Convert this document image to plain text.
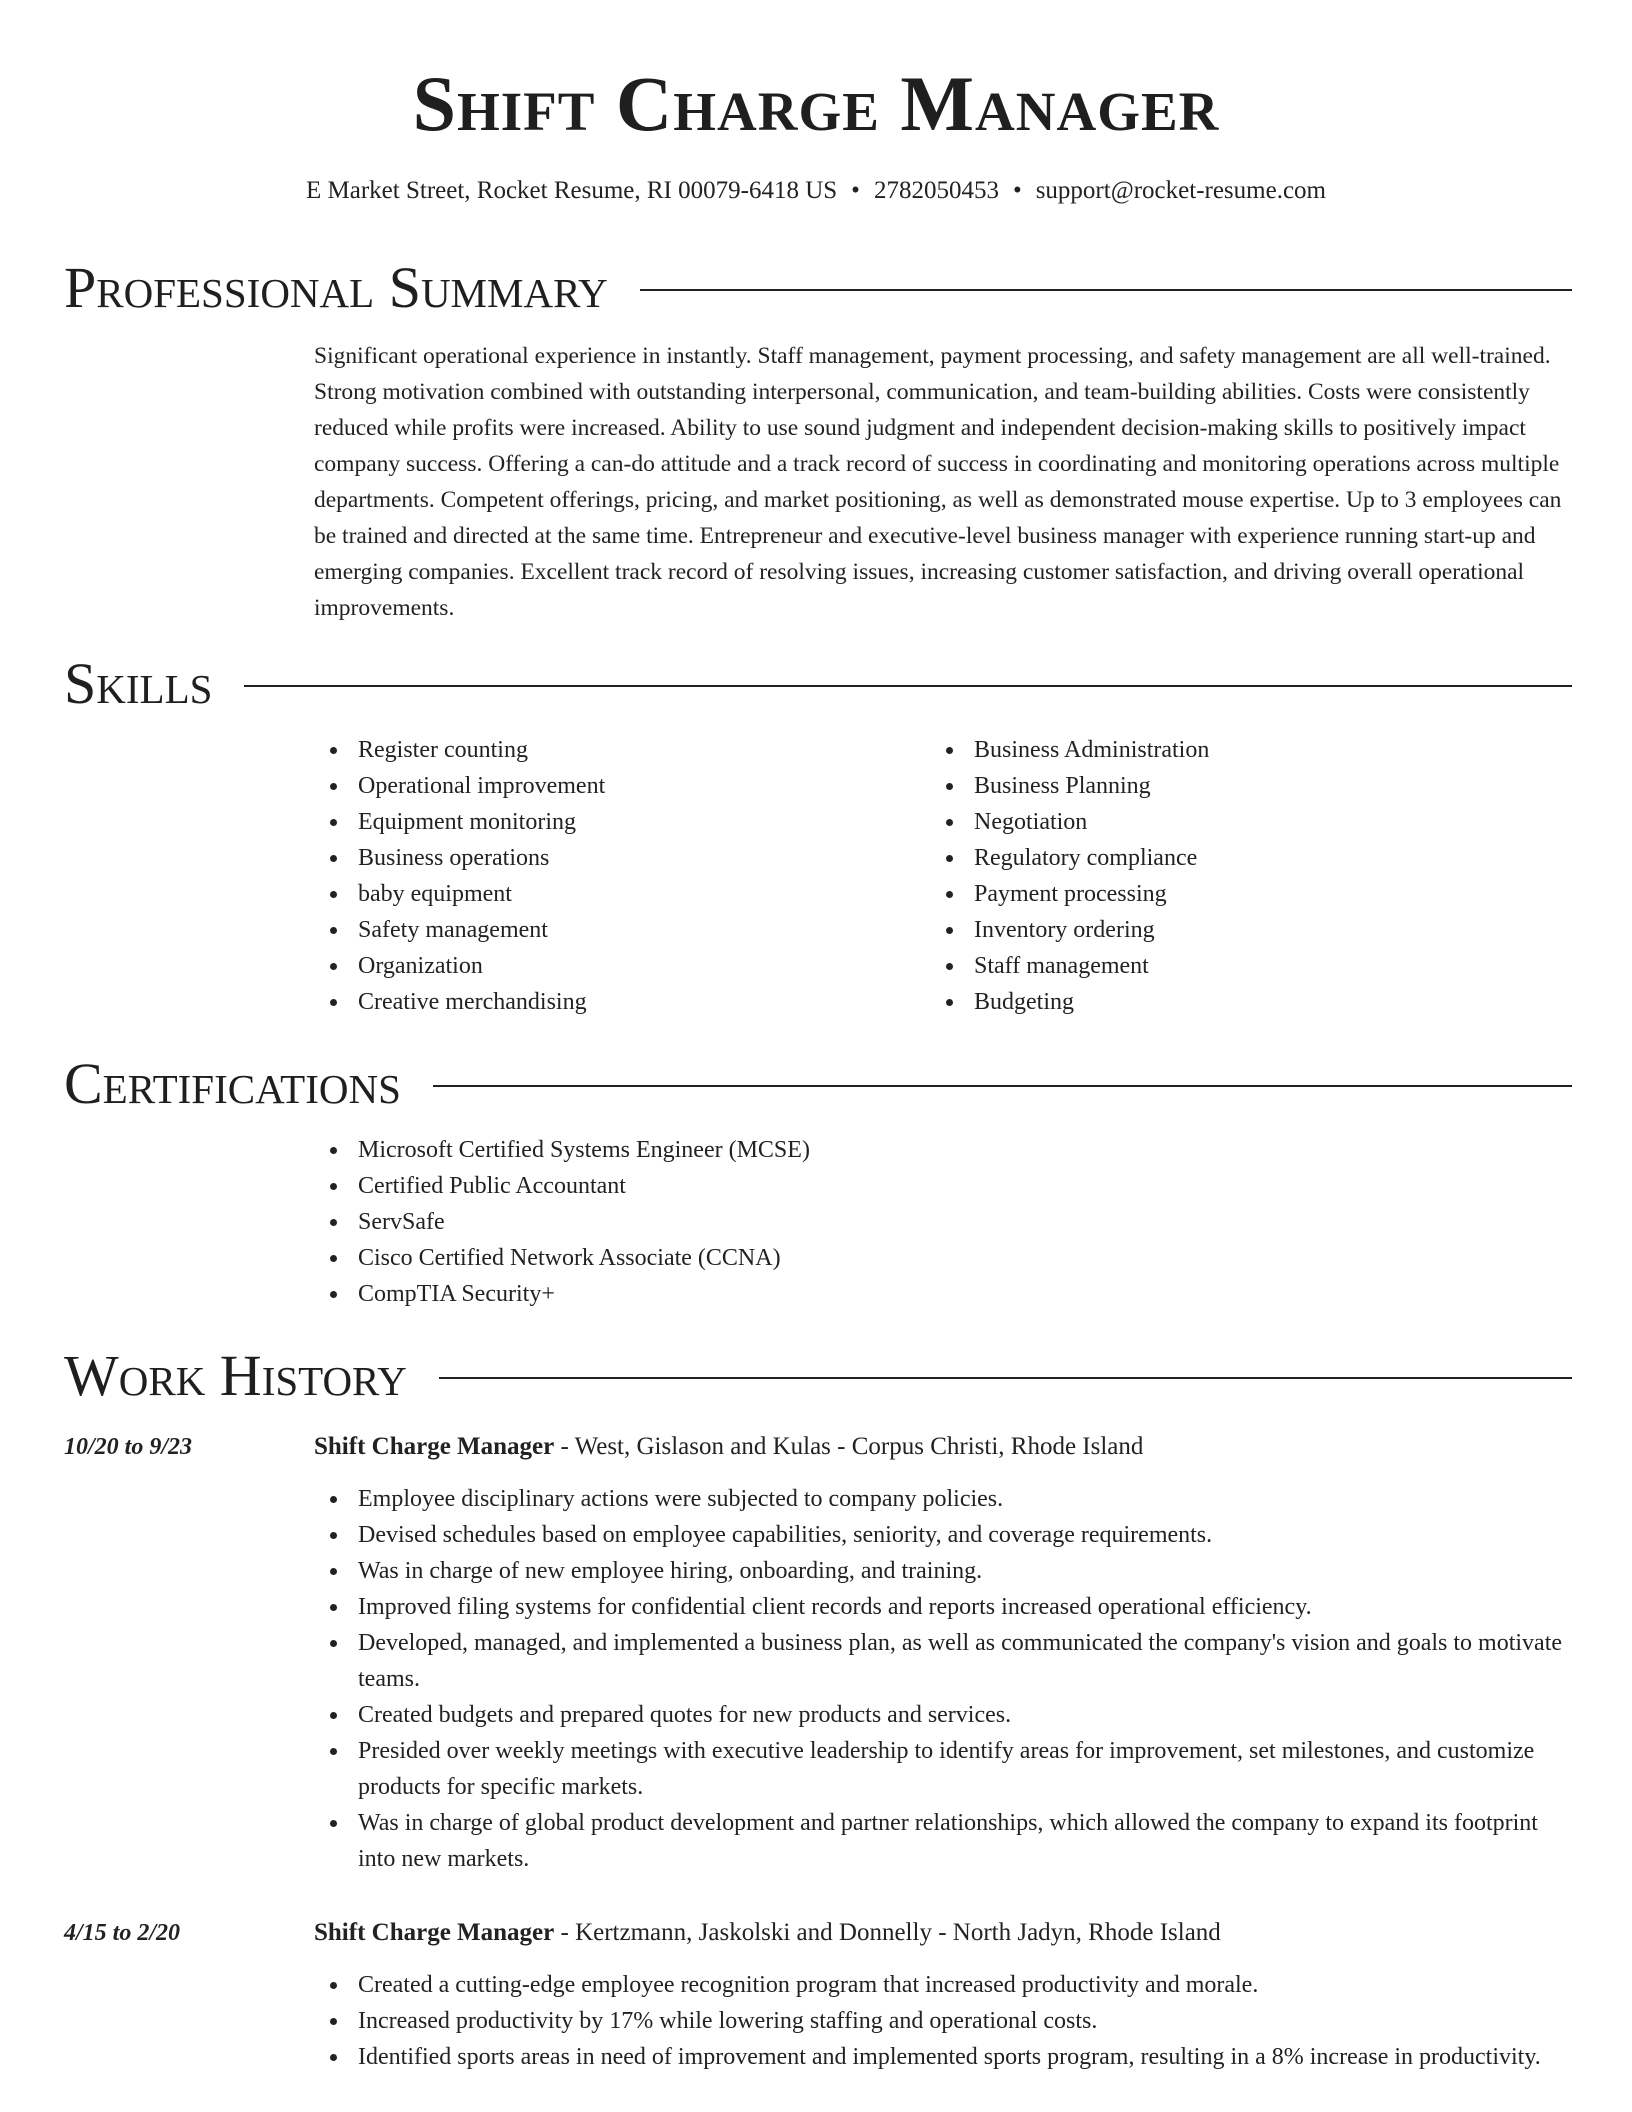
Shift Charge Manager
E Market Street, Rocket Resume, RI 00079-6418 US • 2782050453 • support@rocket-resume.com
Professional Summary

Significant operational experience in instantly. Staff management, payment processing, and safety management are all well-trained. Strong motivation combined with outstanding interpersonal, communication, and team-building abilities. Costs were consistently reduced while profits were increased. Ability to use sound judgment and independent decision-making skills to positively impact company success. Offering a can-do attitude and a track record of success in coordinating and monitoring operations across multiple departments. Competent offerings, pricing, and market positioning, as well as demonstrated mouse expertise. Up to 3 employees can be trained and directed at the same time. Entrepreneur and executive-level business manager with experience running start-up and emerging companies. Excellent track record of resolving issues, increasing customer satisfaction, and driving overall operational improvements.

Skills
Register counting
Operational improvement
Equipment monitoring
Business operations
baby equipment
Safety management
Organization
Creative merchandising
Business Administration
Business Planning
Negotiation
Regulatory compliance
Payment processing
Inventory ordering
Staff management
Budgeting
Certifications
Microsoft Certified Systems Engineer (MCSE)
Certified Public Accountant
ServSafe
Cisco Certified Network Associate (CCNA)
CompTIA Security+
Work History
10/20 to 9/23	Shift Charge Manager - West, Gislason and Kulas - Corpus Christi, Rhode Island
Employee disciplinary actions were subjected to company policies.
Devised schedules based on employee capabilities, seniority, and coverage requirements.
Was in charge of new employee hiring, onboarding, and training.
Improved filing systems for confidential client records and reports increased operational efficiency.
Developed, managed, and implemented a business plan, as well as communicated the company's vision and goals to motivate teams.
Created budgets and prepared quotes for new products and services.
Presided over weekly meetings with executive leadership to identify areas for improvement, set milestones, and customize products for specific markets.
Was in charge of global product development and partner relationships, which allowed the company to expand its footprint into new markets.
4/15 to 2/20	Shift Charge Manager - Kertzmann, Jaskolski and Donnelly - North Jadyn, Rhode Island
Created a cutting-edge employee recognition program that increased productivity and morale.
Increased productivity by 17% while lowering staffing and operational costs.
Identified sports areas in need of improvement and implemented sports program, resulting in a 8% increase in productivity.
